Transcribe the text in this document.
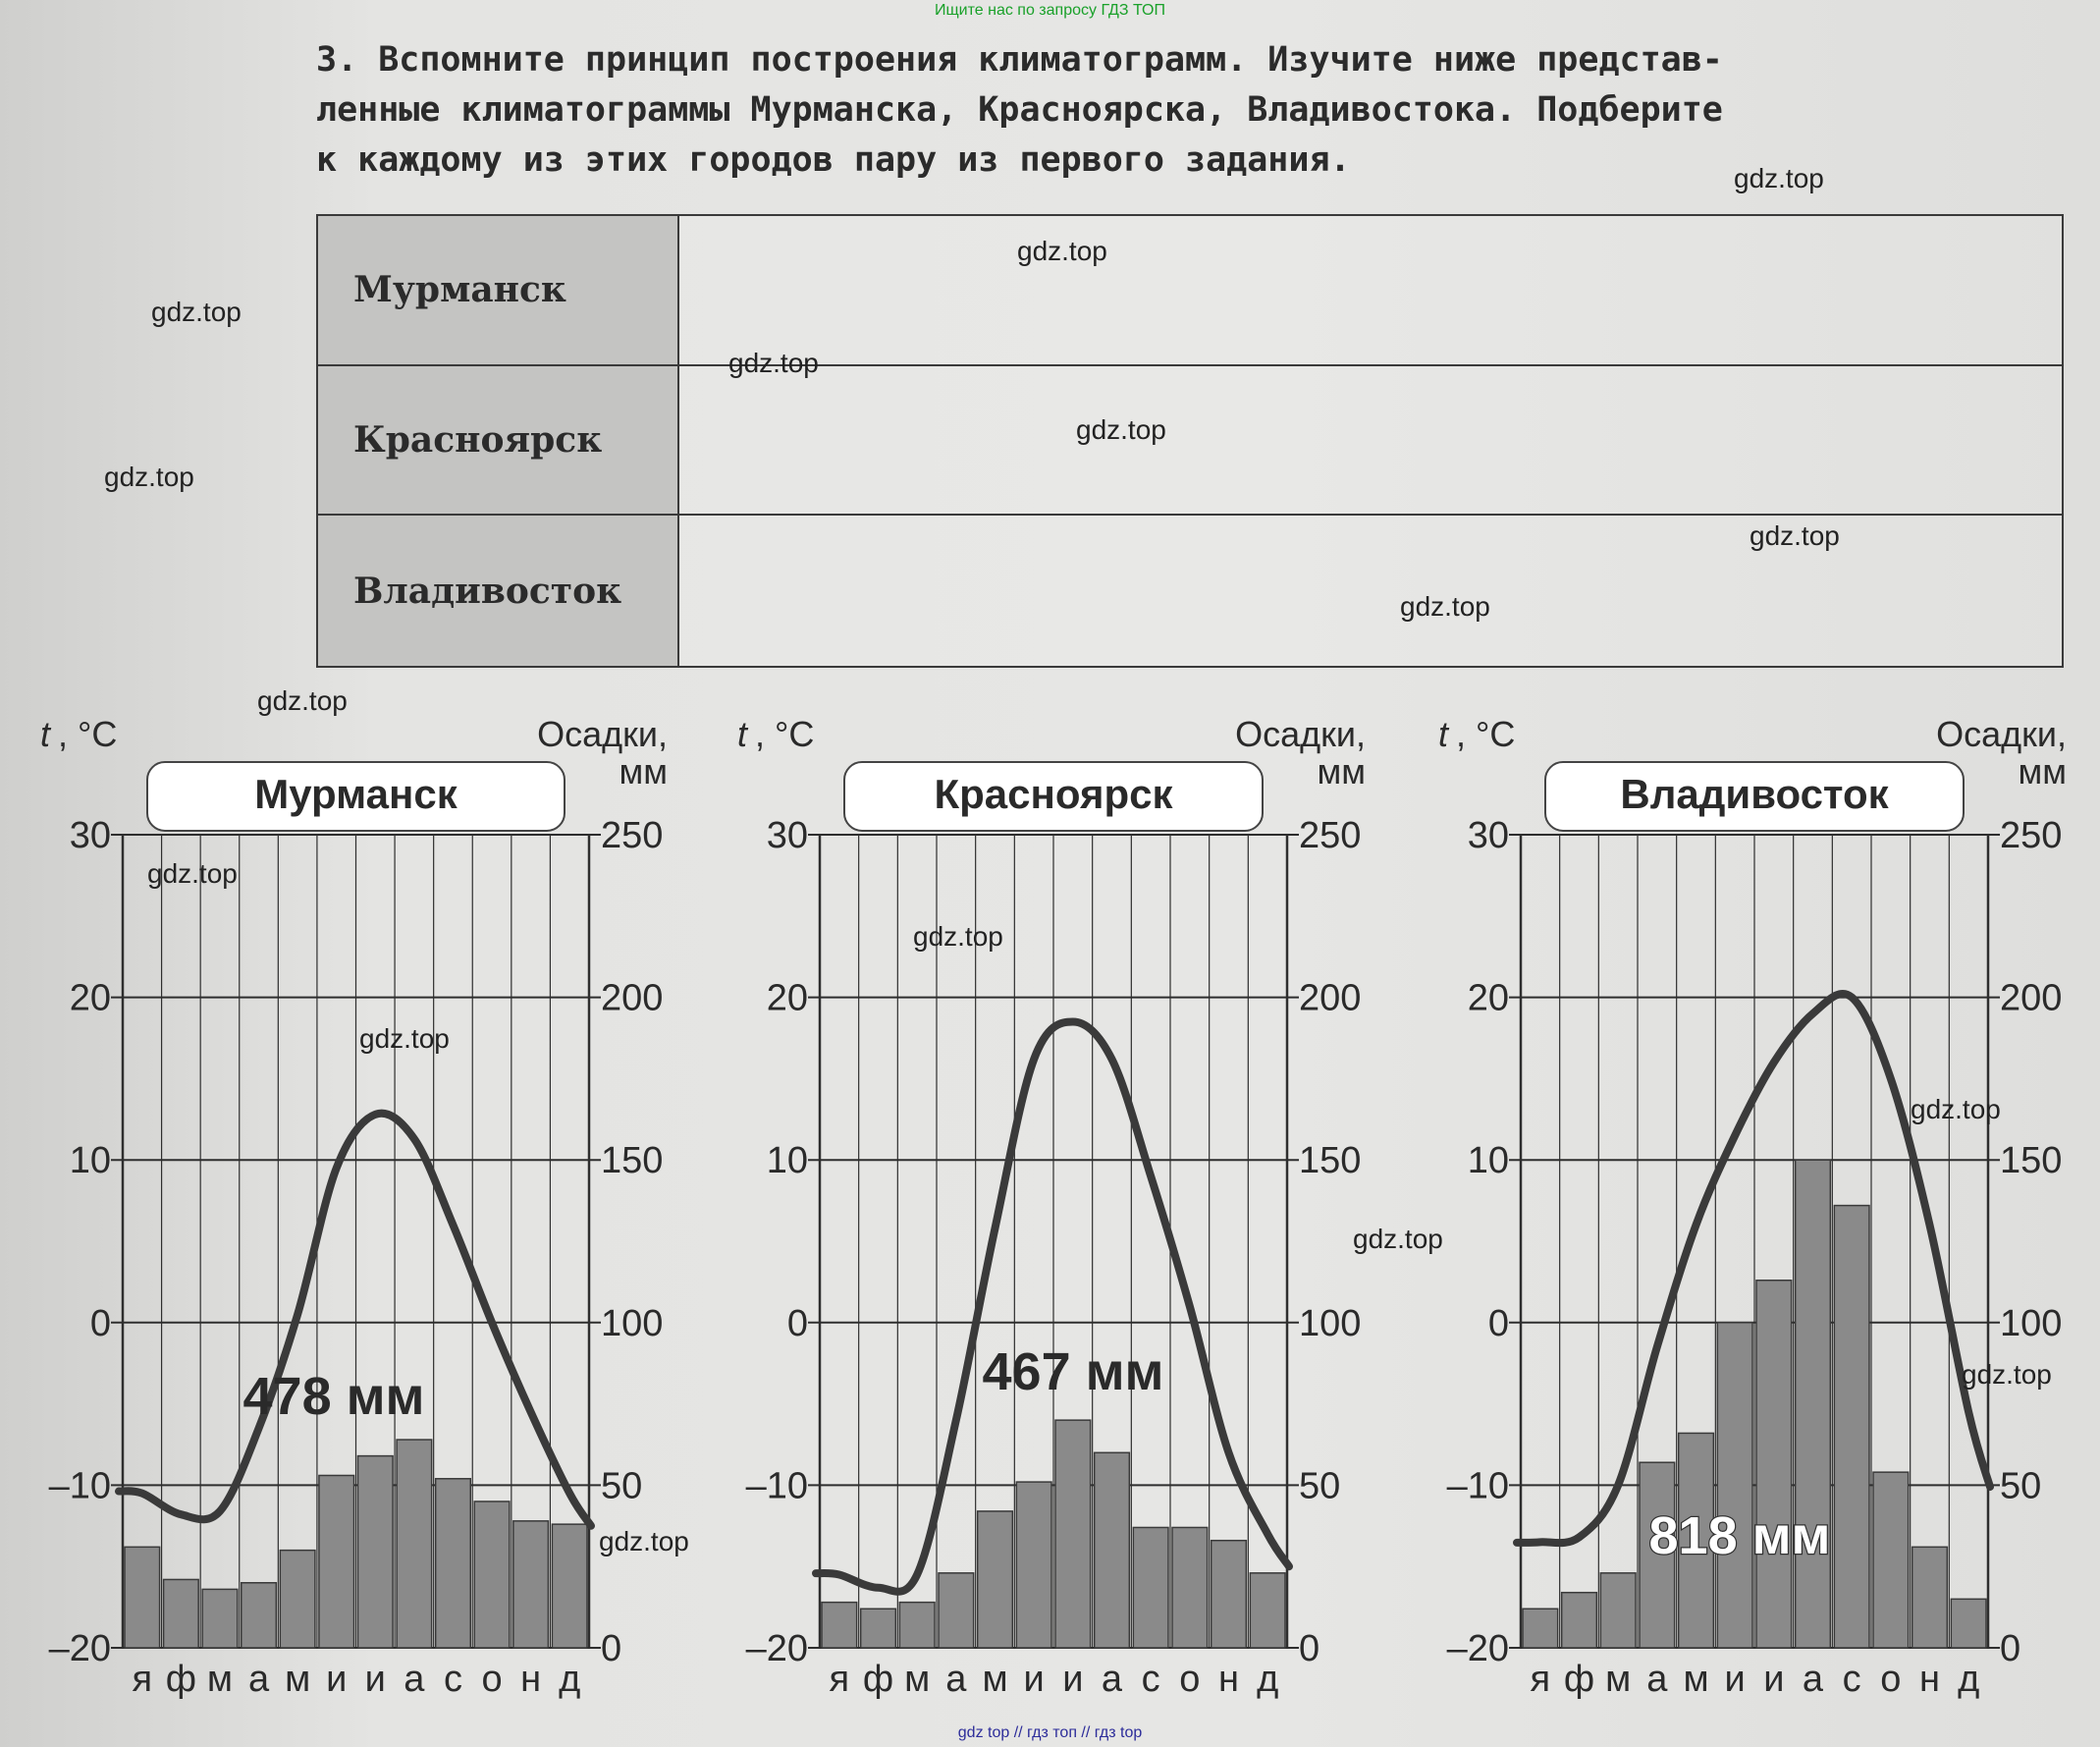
Ищите нас по запросу ГДЗ ТОП
3. Вспомните принцип построения климатограмм. Изучите ниже представ-
ленные климатограммы Мурманска, Красноярска, Владивостока. Подберите
к каждому из этих городов пару из первого задания.
Мурманск
Красноярск
Владивосток
30	250
20	200
10	150
0	100
–10	50
–20	0
я ф м а м и и а с о н д
Мурманск
t , °C	Осадки,
мм
478 мм
30	250
20	200
10	150
0	100
–10	50
–20	0
я ф м а м и и а с о н д
Красноярск
t , °C	Осадки,
мм
467 мм
30	250
20	200
10	150
0	100
–10	50
–20	0
я ф м а м и и а с о н д
Владивосток
t , °C	Осадки,
мм
818 мм
gdz.top
gdz.top
gdz.top
gdz.top
gdz.top
gdz.top
gdz.top
gdz.top
gdz.top
gdz.top
gdz.top
gdz.top
gdz.top
gdz.top
gdz.top
gdz.top
gdz top // гдз топ // гдз top
